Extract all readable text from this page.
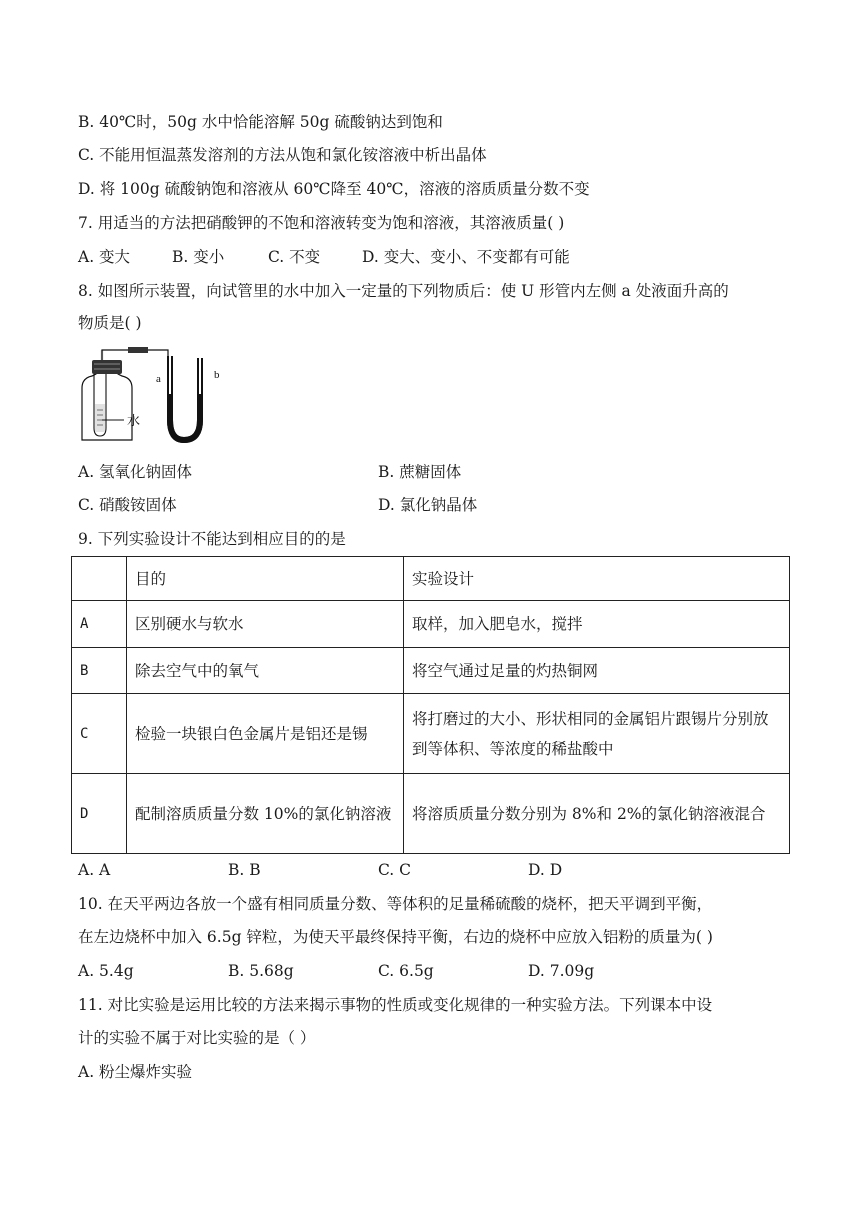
B. 40℃时，50g 水中恰能溶解 50g 硫酸钠达到饱和
C. 不能用恒温蒸发溶剂的方法从饱和氯化铵溶液中析出晶体
D. 将 100g 硫酸钠饱和溶液从 60℃降至 40℃，溶液的溶质质量分数不变
7. 用适当的方法把硝酸钾的不饱和溶液转变为饱和溶液，其溶液质量( )
A. 变大	B. 变小	C. 不变	D. 变大、变小、不变都有可能
8. 如图所示装置，向试管里的水中加入一定量的下列物质后：使 U 形管内左侧 a 处液面升高的
物质是( )
水
a	b
A. 氢氧化钠固体	B. 蔗糖固体
C. 硝酸铵固体	D. 氯化钠晶体
9. 下列实验设计不能达到相应目的的是
	目的	实验设计
A	区别硬水与软水	取样，加入肥皂水，搅拌
B	除去空气中的氧气	将空气通过足量的灼热铜网
C	检验一块银白色金属片是铝还是锡	将打磨过的大小、形状相同的金属铝片跟锡片分别放到等体积、等浓度的稀盐酸中
D	配制溶质质量分数 10%的氯化钠溶液	将溶质质量分数分别为 8%和 2%的氯化钠溶液混合
A. A	B. B	C. C	D. D
10. 在天平两边各放一个盛有相同质量分数、等体积的足量稀硫酸的烧杯，把天平调到平衡，
在左边烧杯中加入 6.5g 锌粒，为使天平最终保持平衡，右边的烧杯中应放入铝粉的质量为( )
A. 5.4g	B. 5.68g	C. 6.5g	D. 7.09g
11. 对比实验是运用比较的方法来揭示事物的性质或变化规律的一种实验方法。下列课本中设
计的实验不属于对比实验的是（ ）
A. 粉尘爆炸实验
